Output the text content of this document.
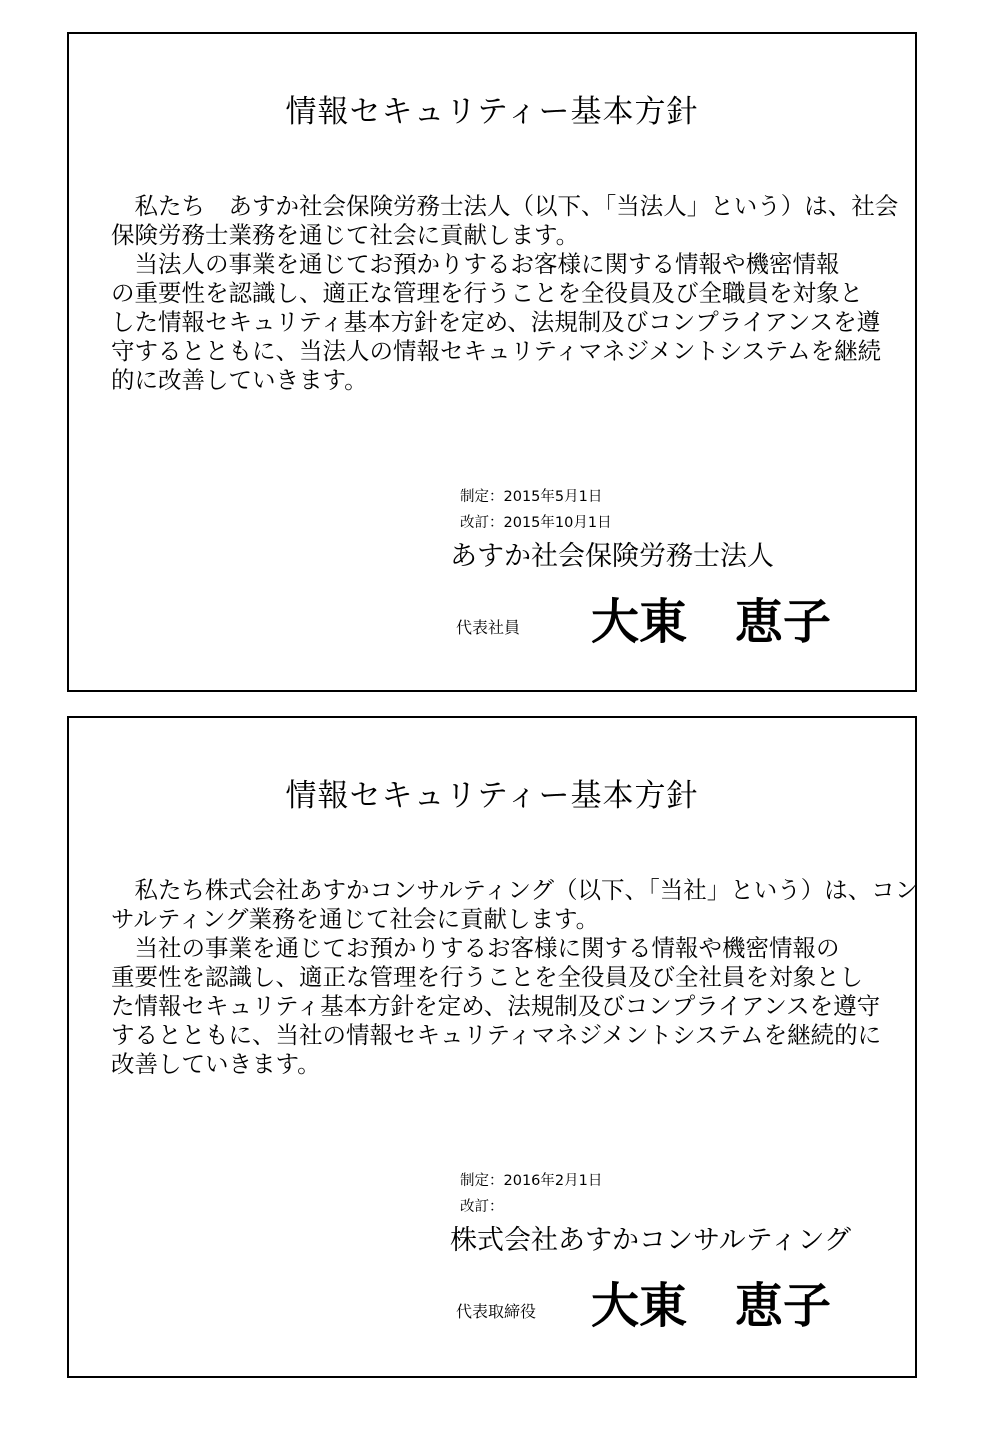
情報セキュリティー基本方針
　私たち　あすか社会保険労務士法人（以下、「当法人」という）は、社会
保険労務士業務を通じて社会に貢献します。
　当法人の事業を通じてお預かりするお客様に関する情報や機密情報
の重要性を認識し、適正な管理を行うことを全役員及び全職員を対象と
した情報セキュリティ基本方針を定め、法規制及びコンプライアンスを遵
守するとともに、当法人の情報セキュリティマネジメントシステムを継続
的に改善していきます。
制定：2015年5月1日
改訂：2015年10月1日
あすか社会保険労務士法人
代表社員 大東　恵子
情報セキュリティー基本方針
　私たち株式会社あすかコンサルティング（以下、「当社」という）は、コン
サルティング業務を通じて社会に貢献します。
　当社の事業を通じてお預かりするお客様に関する情報や機密情報の
重要性を認識し、適正な管理を行うことを全役員及び全社員を対象とし
た情報セキュリティ基本方針を定め、法規制及びコンプライアンスを遵守
するとともに、当社の情報セキュリティマネジメントシステムを継続的に
改善していきます。
制定：2016年2月1日
改訂：
株式会社あすかコンサルティング
代表取締役 大東　恵子
